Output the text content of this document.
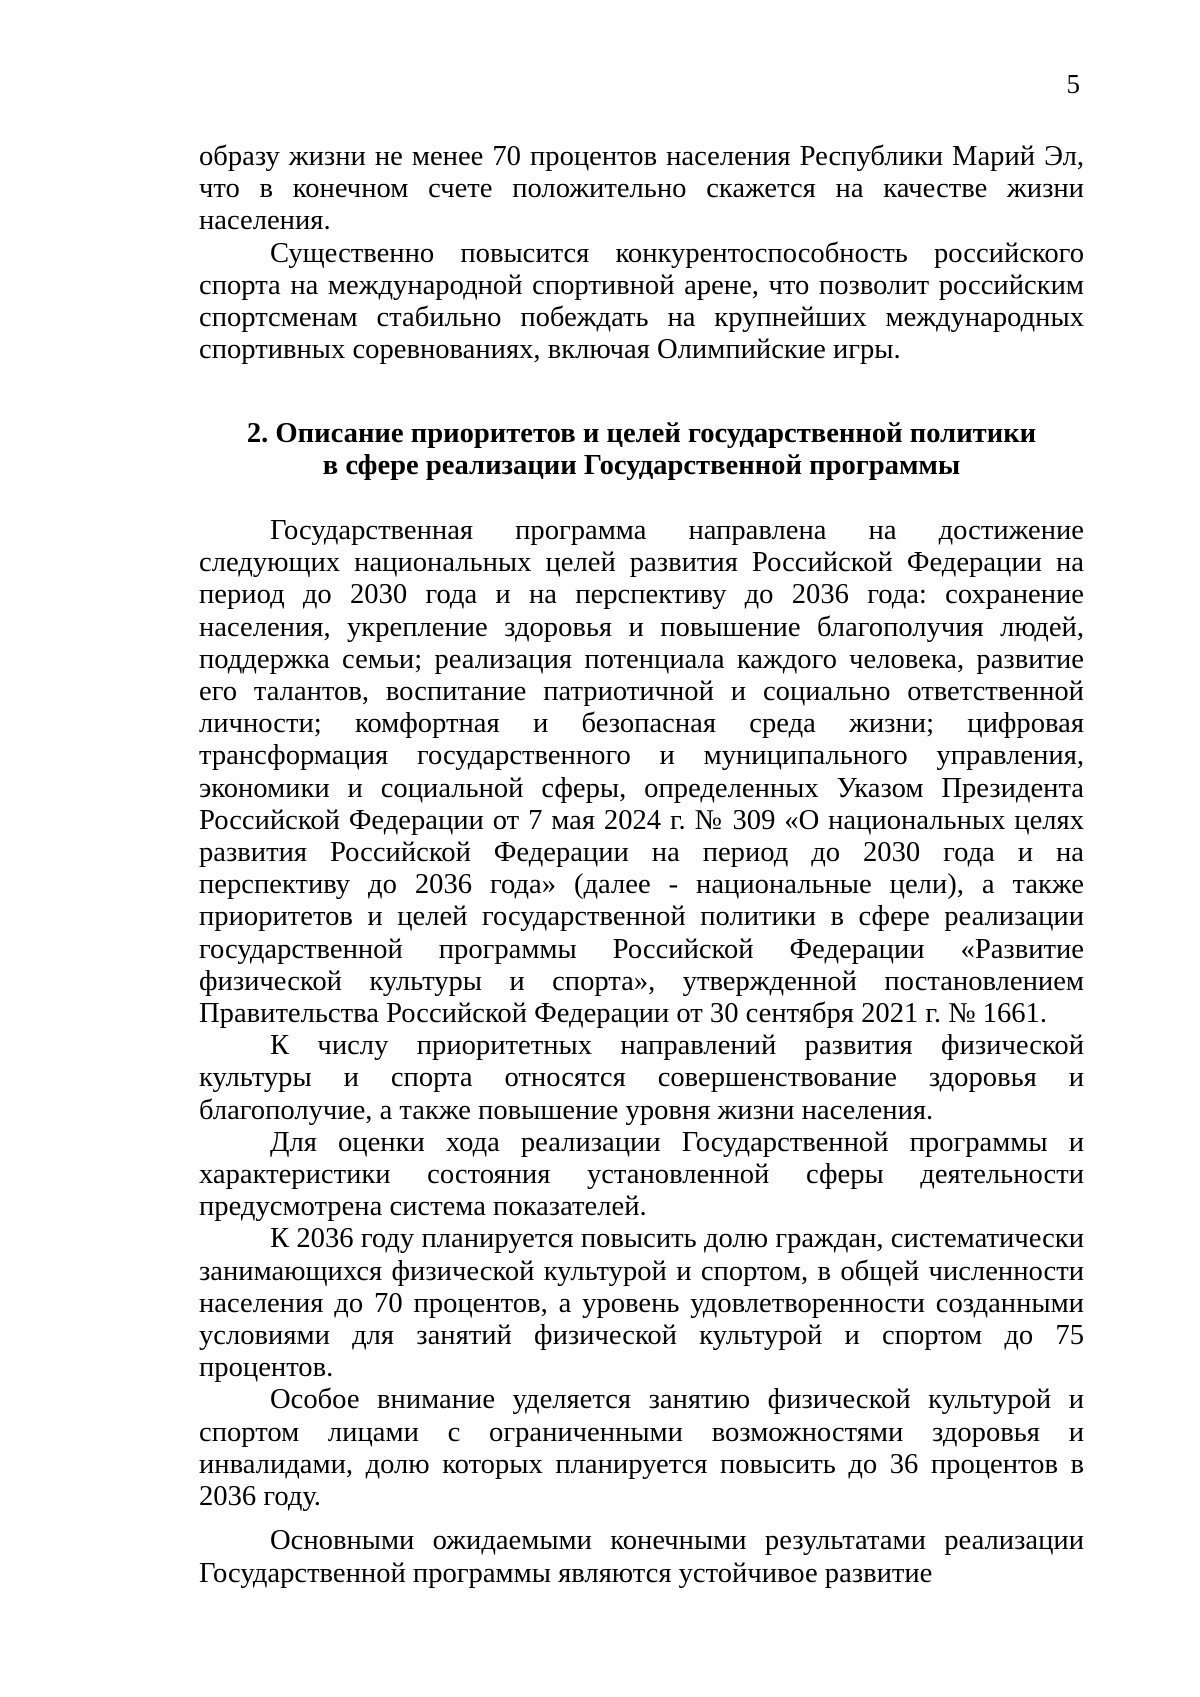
5

образу жизни не менее 70 процентов населения Республики Марий Эл, что в конечном счете положительно скажется на качестве жизни населения.

Существенно повысится конкурентоспособность российского спорта на международной спортивной арене, что позволит российским спортсменам стабильно побеждать на крупнейших международных спортивных соревнованиях, включая Олимпийские игры.

2. Описание приоритетов и целей государственной политики
в сфере реализации Государственной программы

Государственная программа направлена на достижение следующих национальных целей развития Российской Федерации на период до 2030 года и на перспективу до 2036 года: сохранение населения, укрепление здоровья и повышение благополучия людей, поддержка семьи; реализация потенциала каждого человека, развитие его талантов, воспитание патриотичной и социально ответственной личности; комфортная и безопасная среда жизни; цифровая трансформация государственного и муниципального управления, экономики и социальной сферы, определенных Указом Президента Российской Федерации от 7 мая 2024 г. № 309 «О национальных целях развития Российской Федерации на период до 2030 года и на перспективу до 2036 года» (далее - национальные цели), а также приоритетов и целей государственной политики в сфере реализации государственной программы Российской Федерации «Развитие физической культуры и спорта», утвержденной постановлением Правительства Российской Федерации от 30 сентября 2021 г. № 1661.

К числу приоритетных направлений развития физической культуры и спорта относятся совершенствование здоровья и благополучие, а также повышение уровня жизни населения.

Для оценки хода реализации Государственной программы и характеристики состояния установленной сферы деятельности предусмотрена система показателей.

К 2036 году планируется повысить долю граждан, систематически занимающихся физической культурой и спортом, в общей численности населения до 70 процентов, а уровень удовлетворенности созданными условиями для занятий физической культурой и спортом до 75 процентов.

Особое внимание уделяется занятию физической культурой и спортом лицами с ограниченными возможностями здоровья и инвалидами, долю которых планируется повысить до 36 процентов в 2036 году.

Основными ожидаемыми конечными результатами реализации Государственной программы являются устойчивое развитие
